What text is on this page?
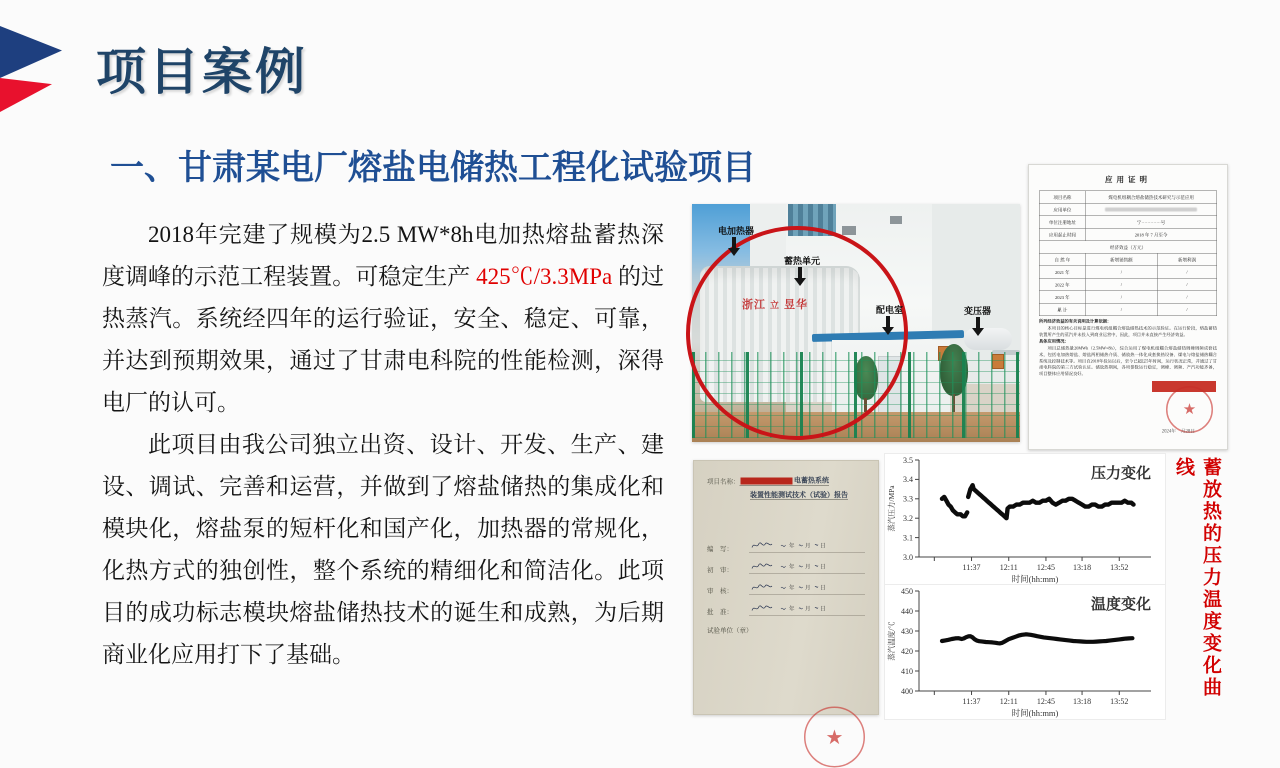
项目案例
一、甘肃某电厂熔盐电储热工程化试验项目

2018年完建了规模为2.5 MW*8h电加热熔盐蓄热深度调峰的示范工程装置。可稳定生产 425℃/3.3MPa 的过热蒸汽。系统经四年的运行验证，安全、稳定、可靠，并达到预期效果，通过了甘肃电科院的性能检测，深得电厂的认可。

此项目由我公司独立出资、设计、开发、生产、建设、调试、完善和运营，并做到了熔盐储热的集成化和模块化，熔盐泵的短杆化和国产化，加热器的常规化，化热方式的独创性，整个系统的精细化和简洁化。此项目的成功标志模块熔盐储热技术的诞生和成熟，为后期商业化应用打下了基础。

浙江 立 昱华
电加热器
蓄热单元
配电室	变压器
应用证明
项目名称	煤电机组耦合熔盐储热技术研究与示范应用	
应用单位		

单位注册地址	宁·············号	
应用起止时间	2018 年 7 月至今	
经济效益（万元）		
自 然 年	新增销售额	新增利润
2021 年	/	/
2022 年	/	/
2023 年	/	/
累 计	/	/
所列经济效益的有关说明及计算依据：

本项目的核心目标是进行煤电机组耦合熔盐储热技术的示范验证。在运行阶段，熔盐蓄热装置所产生的蒸汽并未投入到商业运营中，因此，项目并未直接产生经济效益。

具体应用情况：

项目总储热量20MWh（2.5MW×8h），综合运用了煤电机组耦合熔盐储热调峰调频成套技术，包括电加热熔盐、熔盐两相储热介质、储放热一体化成套换热设备、煤电与熔盐储热耦合系统及控制技术等。项目自2018年投运以后，至今已超过5年时间，运行状况正常，并通过了甘肃电科院的第三方试验认证。储放热期间，各项参数运行稳定，调峰、调频、产汽功能齐备，项目整体应用情况良好。

★
2024年　月28日
项目名称：	电蓄热系统
装置性能测试技术（试验）报告
编　写：	年 月 日
初　审：	年 月 日
审　核：	年 月 日
批　准：	年 月 日
试验单位（章）
★
3.0
3.1
3.2
3.3
3.4
3.5
11:37 12:11 12:45 13:18 13:52
时间(hh:mm)
蒸汽压力/MPa
压力变化
400
410
420
430
440
450
11:37 12:11 12:45 13:18 13:52
时间(hh:mm)
蒸汽温度/℃
温度变化	蓄放热的压力温度变化曲线
